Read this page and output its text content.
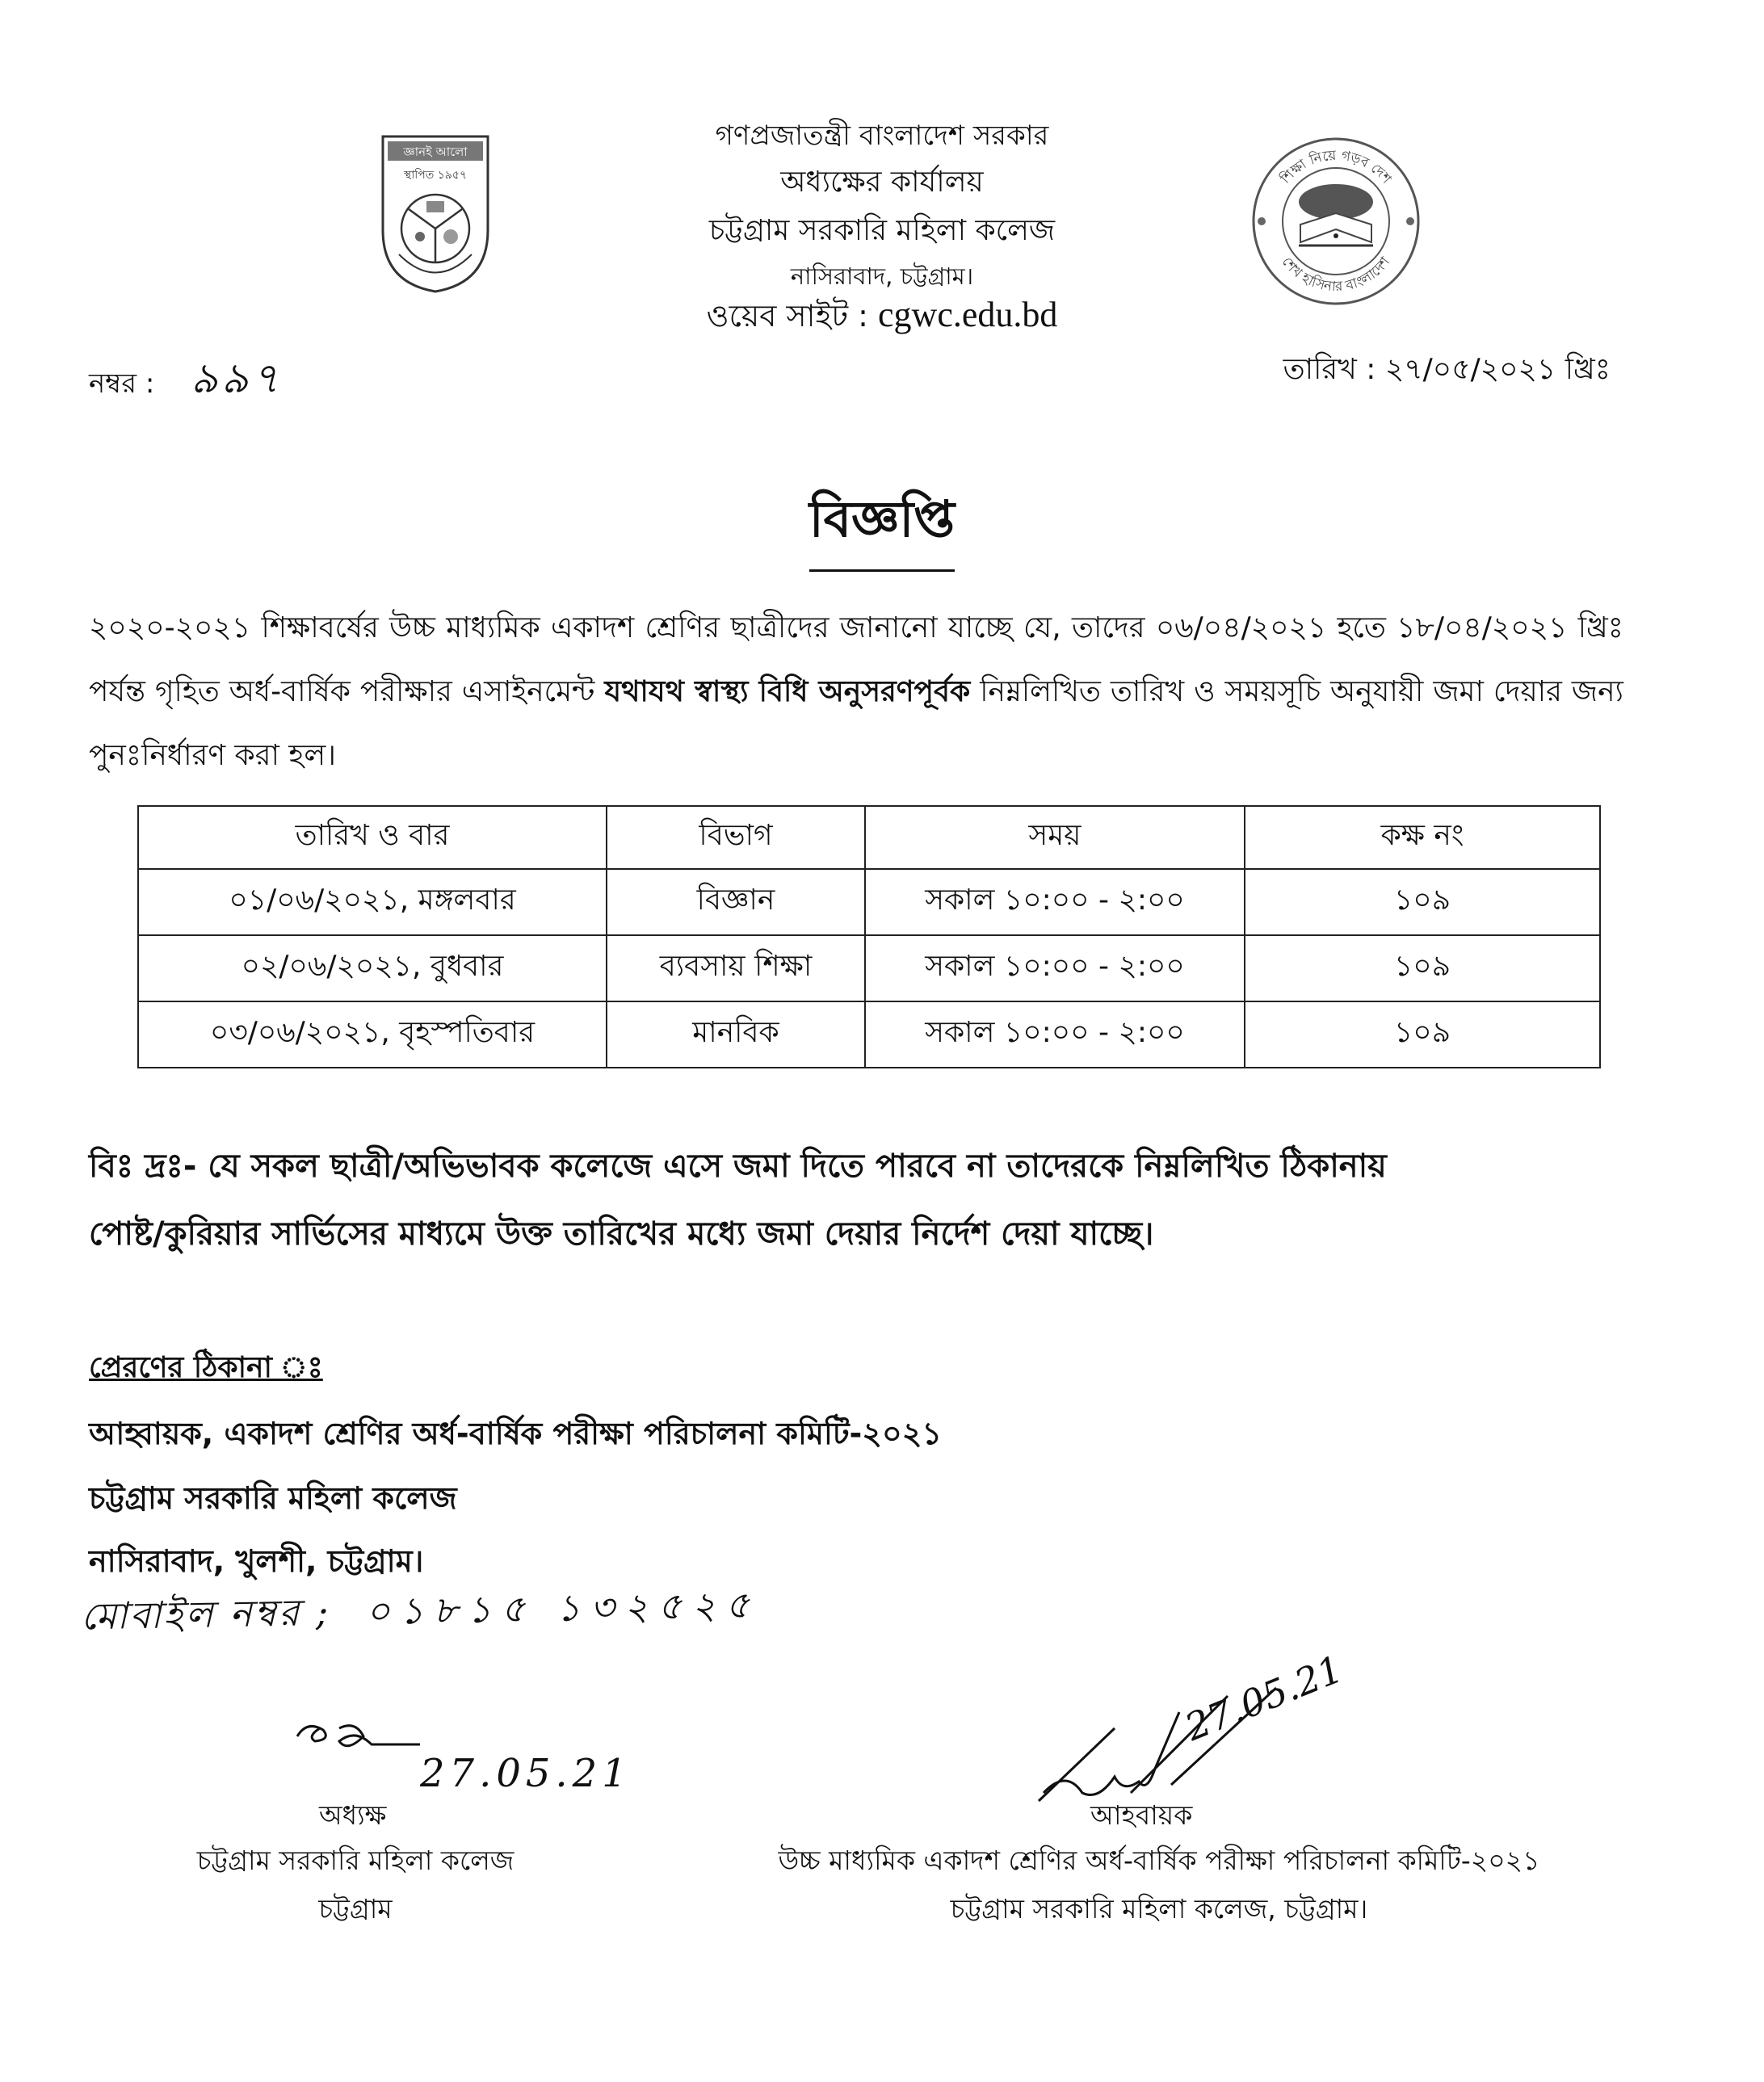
জ্ঞানই আলো
স্থাপিত ১৯৫৭	শিক্ষা নিয়ে গড়ব দেশ
শেখ হাসিনার বাংলাদেশ
গণপ্রজাতন্ত্রী বাংলাদেশ সরকার
অধ্যক্ষের কার্যালয়
চট্টগ্রাম সরকারি মহিলা কলেজ
নাসিরাবাদ, চট্টগ্রাম।
ওয়েব সাইট : cgwc.edu.bd
নম্বর : ৯৯৭	তারিখ : ২৭/০৫/২০২১ খ্রিঃ
বিজ্ঞপ্তি
২০২০-২০২১ শিক্ষাবর্ষের উচ্চ মাধ্যমিক একাদশ শ্রেণির ছাত্রীদের জানানো যাচ্ছে যে, তাদের ০৬/০৪/২০২১ হতে ১৮/০৪/২০২১ খ্রিঃ পর্যন্ত গৃহিত অর্ধ-বার্ষিক পরীক্ষার এসাইনমেন্ট যথাযথ স্বাস্থ্য বিধি অনুসরণপূর্বক নিম্নলিখিত তারিখ ও সময়সূচি অনুযায়ী জমা দেয়ার জন্য পুনঃনির্ধারণ করা হল।
তারিখ ও বার	বিভাগ	সময়	কক্ষ নং
০১/০৬/২০২১, মঙ্গলবার	বিজ্ঞান	সকাল ১০:০০ - ২:০০	১০৯
০২/০৬/২০২১, বুধবার	ব্যবসায় শিক্ষা	সকাল ১০:০০ - ২:০০	১০৯
০৩/০৬/২০২১, বৃহস্পতিবার	মানবিক	সকাল ১০:০০ - ২:০০	১০৯
বিঃ দ্রঃ- যে সকল ছাত্রী/অভিভাবক কলেজে এসে জমা দিতে পারবে না তাদেরকে নিম্নলিখিত ঠিকানায়
পোষ্ট/কুরিয়ার সার্ভিসের মাধ্যমে উক্ত তারিখের মধ্যে জমা দেয়ার নির্দেশ দেয়া যাচ্ছে।
প্রেরণের ঠিকানা ঃ
আহ্বায়ক, একাদশ শ্রেণির অর্ধ-বার্ষিক পরীক্ষা পরিচালনা কমিটি-২০২১
চট্টগ্রাম সরকারি মহিলা কলেজ
নাসিরাবাদ, খুলশী, চট্টগ্রাম।
মোবাইল নম্বর ; ০১৮১৫ ১৩২৫২৫
27.05.21
অধ্যক্ষ
চট্টগ্রাম সরকারি মহিলা কলেজ
চট্টগ্রাম
27.05.21
আহবায়ক
উচ্চ মাধ্যমিক একাদশ শ্রেণির অর্ধ-বার্ষিক পরীক্ষা পরিচালনা কমিটি-২০২১
চট্টগ্রাম সরকারি মহিলা কলেজ, চট্টগ্রাম।
